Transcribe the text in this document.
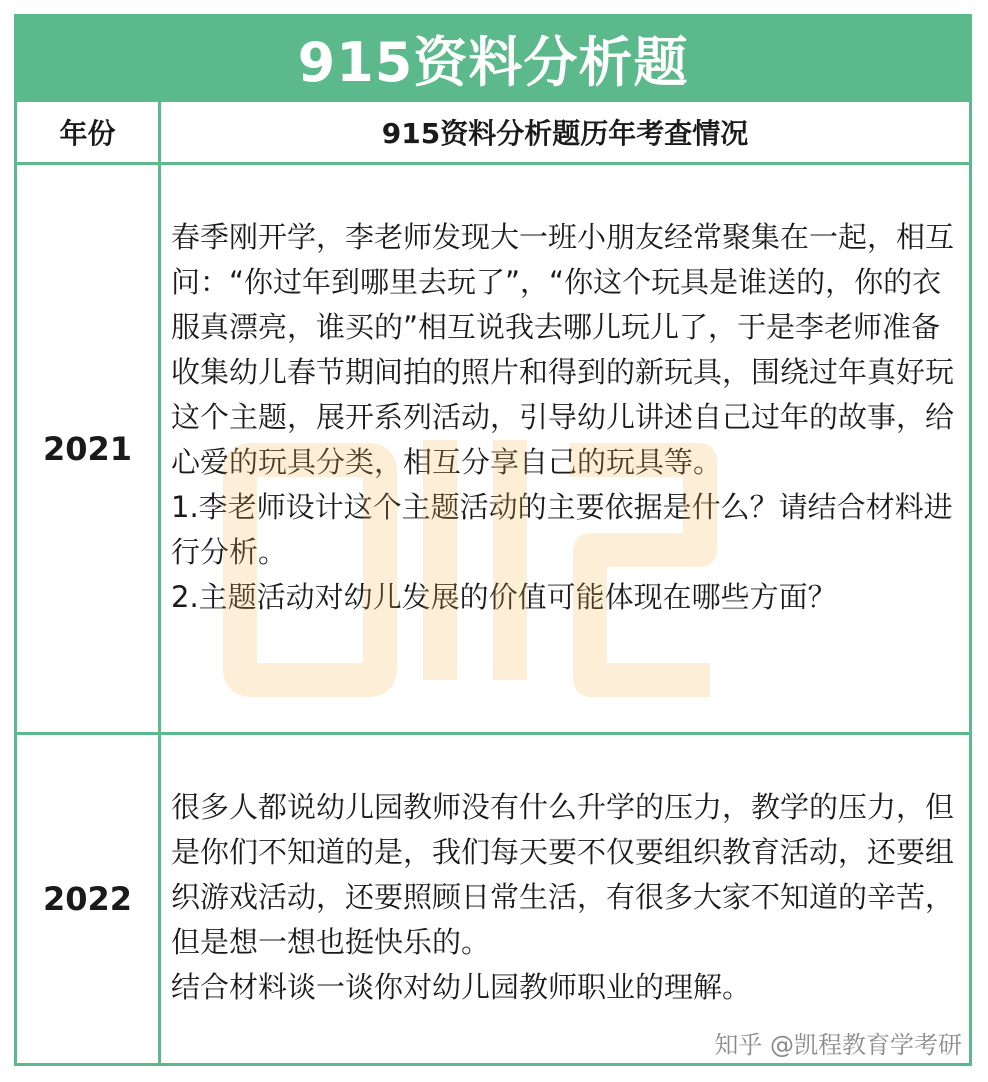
915资料分析题
年份	915资料分析题历年考查情况
2021

春季刚开学，李老师发现大一班小朋友经常聚集在一起，相互问：“你过年到哪里去玩了”，“你这个玩具是谁送的，你的衣服真漂亮，谁买的”相互说我去哪儿玩儿了，于是李老师准备收集幼儿春节期间拍的照片和得到的新玩具，围绕过年真好玩这个主题，展开系列活动，引导幼儿讲述自己过年的故事，给心爱的玩具分类，相互分享自己的玩具等。

1.李老师设计这个主题活动的主要依据是什么？请结合材料进行分析。

2.主题活动对幼儿发展的价值可能体现在哪些方面？

2022

很多人都说幼儿园教师没有什么升学的压力，教学的压力，但是你们不知道的是，我们每天要不仅要组织教育活动，还要组织游戏活动，还要照顾日常生活，有很多大家不知道的辛苦，但是想一想也挺快乐的。

结合材料谈一谈你对幼儿园教师职业的理解。

知乎 @凯程教育学考研
